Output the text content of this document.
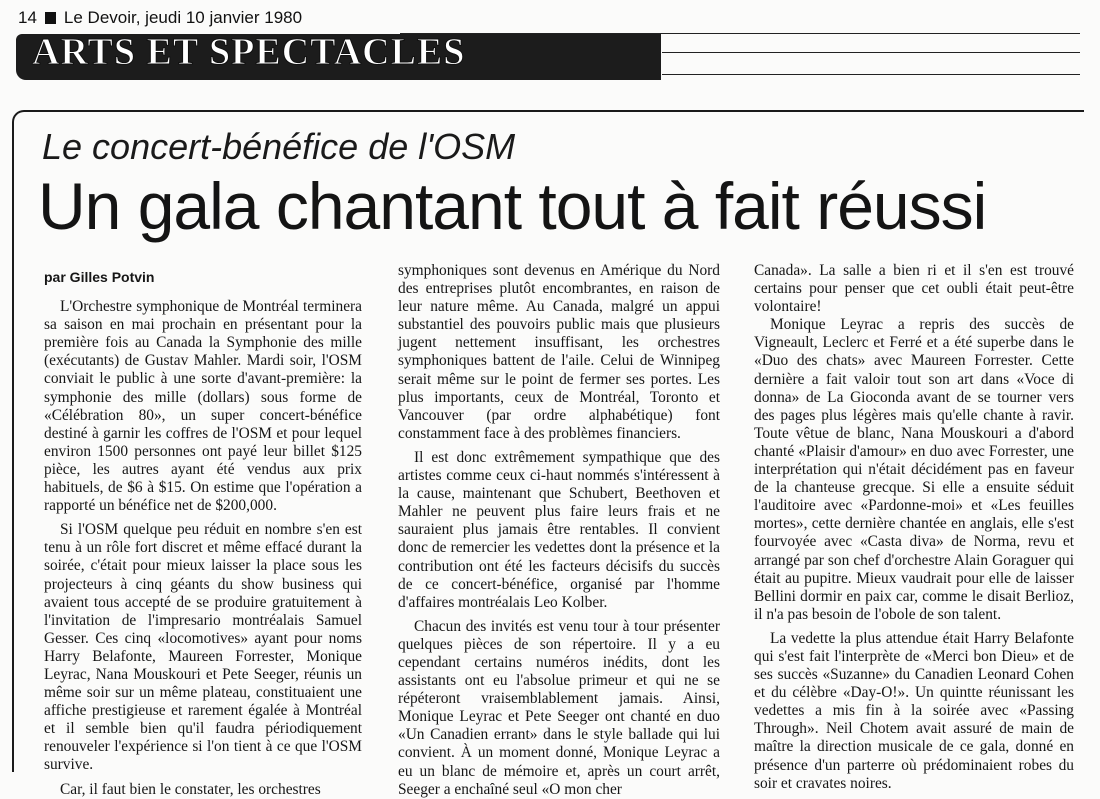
14 Le Devoir, jeudi 10 janvier 1980
ARTS ET SPECTACLES
Le concert-bénéfice de l'OSM
Un gala chantant tout à fait réussi

par Gilles Potvin

L'Orchestre symphonique de Montréal terminera sa saison en mai prochain en présentant pour la première fois au Canada la Symphonie des mille (exécutants) de Gustav Mahler. Mardi soir, l'OSM conviait le public à une sorte d'avant-première: la symphonie des mille (dollars) sous forme de «Célébration 80», un super concert-bénéfice destiné à garnir les coffres de l'OSM et pour lequel environ 1500 personnes ont payé leur billet $125 pièce, les autres ayant été vendus aux prix habituels, de $6 à $15. On estime que l'opération a rapporté un bénéfice net de $200,000.

Si l'OSM quelque peu réduit en nombre s'en est tenu à un rôle fort discret et même effacé durant la soirée, c'était pour mieux laisser la place sous les projecteurs à cinq géants du show business qui avaient tous accepté de se produire gratuitement à l'invitation de l'impresario montréalais Samuel Gesser. Ces cinq «locomotives» ayant pour noms Harry Belafonte, Maureen Forrester, Monique Leyrac, Nana Mouskouri et Pete Seeger, réunis un même soir sur un même plateau, constituaient une affiche prestigieuse et rarement égalée à Montréal et il semble bien qu'il faudra périodiquement renouveler l'expérience si l'on tient à ce que l'OSM survive.

Car, il faut bien le constater, les orchestres

symphoniques sont devenus en Amérique du Nord des entreprises plutôt encombrantes, en raison de leur nature même. Au Canada, malgré un appui substantiel des pouvoirs public mais que plusieurs jugent nettement insuffisant, les orchestres symphoniques battent de l'aile. Celui de Winnipeg serait même sur le point de fermer ses portes. Les plus importants, ceux de Montréal, Toronto et Vancouver (par ordre alphabétique) font constamment face à des problèmes financiers.

Il est donc extrêmement sympathique que des artistes comme ceux ci-haut nommés s'intéressent à la cause, maintenant que Schubert, Beethoven et Mahler ne peuvent plus faire leurs frais et ne sauraient plus jamais être rentables. Il convient donc de remercier les vedettes dont la présence et la contribution ont été les facteurs décisifs du succès de ce concert-bénéfice, organisé par l'homme d'affaires montréalais Leo Kolber.

Chacun des invités est venu tour à tour présenter quelques pièces de son répertoire. Il y a eu cependant certains numéros inédits, dont les assistants ont eu l'absolue primeur et qui ne se répéteront vraisemblablement jamais. Ainsi, Monique Leyrac et Pete Seeger ont chanté en duo «Un Canadien errant» dans le style ballade qui lui convient. À un moment donné, Monique Leyrac a eu un blanc de mémoire et, après un court arrêt, Seeger a enchaîné seul «O mon cher

Canada». La salle a bien ri et il s'en est trouvé certains pour penser que cet oubli était peut-être volontaire!

Monique Leyrac a repris des succès de Vigneault, Leclerc et Ferré et a été superbe dans le «Duo des chats» avec Maureen Forrester. Cette dernière a fait valoir tout son art dans «Voce di donna» de La Gioconda avant de se tourner vers des pages plus légères mais qu'elle chante à ravir. Toute vêtue de blanc, Nana Mouskouri a d'abord chanté «Plaisir d'amour» en duo avec Forrester, une interprétation qui n'était décidément pas en faveur de la chanteuse grecque. Si elle a ensuite séduit l'auditoire avec «Pardonne-moi» et «Les feuilles mortes», cette dernière chantée en anglais, elle s'est fourvoyée avec «Casta diva» de Norma, revu et arrangé par son chef d'orchestre Alain Goraguer qui était au pupitre. Mieux vaudrait pour elle de laisser Bellini dormir en paix car, comme le disait Berlioz, il n'a pas besoin de l'obole de son talent.

La vedette la plus attendue était Harry Belafonte qui s'est fait l'interprète de «Merci bon Dieu» et de ses succès «Suzanne» du Canadien Leonard Cohen et du célèbre «Day-O!». Un quintte réunissant les vedettes a mis fin à la soirée avec «Passing Through». Neil Chotem avait assuré de main de maître la direction musicale de ce gala, donné en présence d'un parterre où prédominaient robes du soir et cravates noires.
